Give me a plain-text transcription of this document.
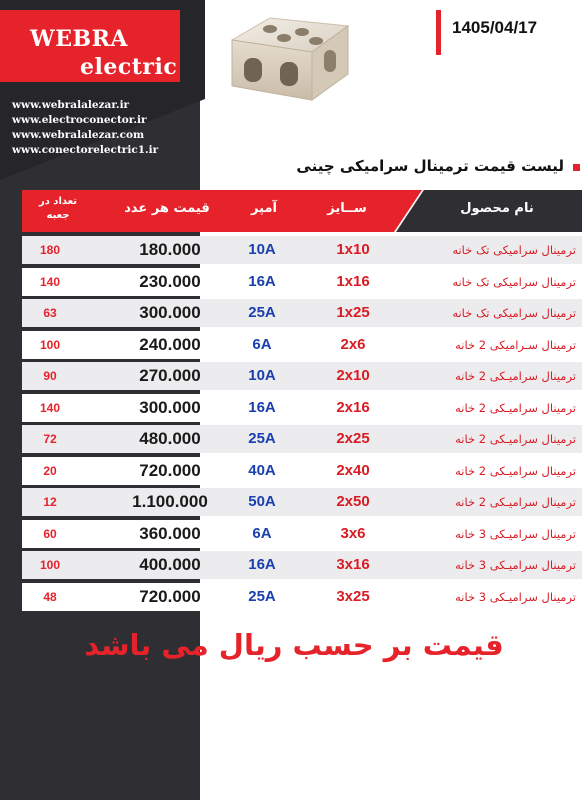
WEBRA
electric
www.webralalezar.ir
www.electroconector.ir
www.webralalezar.com
www.conectorelectric1.ir
1405/04/17
لیست قیمت ترمینال سرامیکی چینی
تعداد در جعبه	قیمت هر عدد	آمپر	ســایز	نام محصول
180	180.000	10A	1x10	ترمینال سرامیکی تک خانه
140	230.000	16A	1x16	ترمینال سرامیکی تک خانه
63	300.000	25A	1x25	ترمینال سرامیکی تک خانه
100	240.000	6A	2x6	ترمینال سـرامیکی 2 خانه
90	270.000	10A	2x10	ترمینال سرامیـکی 2 خانه
140	300.000	16A	2x16	ترمینال سرامیـکی 2 خانه
72	480.000	25A	2x25	ترمینال سرامیـکی 2 خانه
20	720.000	40A	2x40	ترمینال سرامیـکی 2 خانه
12	1.100.000	50A	2x50	ترمینال سرامیـکی 2 خانه
60	360.000	6A	3x6	ترمینال سرامیـکی 3 خانه
100	400.000	16A	3x16	ترمینال سرامیـکی 3 خانه
48	720.000	25A	3x25	ترمینال سرامیـکی 3 خانه
قیمت بر حسب ریال می باشد
